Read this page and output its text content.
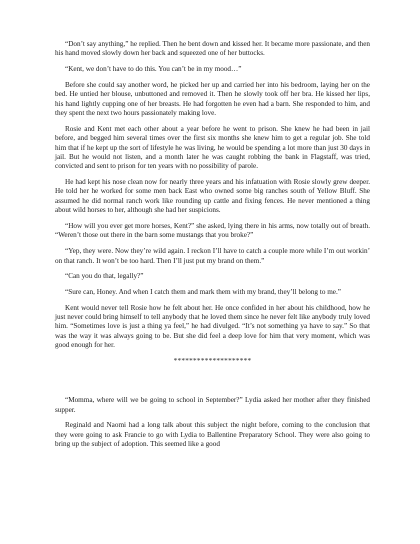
“Don’t say anything,” he replied. Then he bent down and kissed her. It became more passionate, and then his hand moved slowly down her back and squeezed one of her buttocks.

“Kent, we don’t have to do this. You can’t be in my mood…”

Before she could say another word, he picked her up and carried her into his bedroom, laying her on the bed. He untied her blouse, unbuttoned and removed it. Then he slowly took off her bra. He kissed her lips, his hand lightly cupping one of her breasts. He had forgotten he even had a barn. She responded to him, and they spent the next two hours passionately making love.

Rosie and Kent met each other about a year before he went to prison. She knew he had been in jail before, and begged him several times over the first six months she knew him to get a regular job. She told him that if he kept up the sort of lifestyle he was living, he would be spending a lot more than just 30 days in jail. But he would not listen, and a month later he was caught robbing the bank in Flagstaff, was tried, convicted and sent to prison for ten years with no possibility of parole.

He had kept his nose clean now for nearly three years and his infatuation with Rosie slowly grew deeper. He told her he worked for some men back East who owned some big ranches south of Yellow Bluff. She assumed he did normal ranch work like rounding up cattle and fixing fences. He never mentioned a thing about wild horses to her, although she had her suspicions.

“How will you ever get more horses, Kent?” she asked, lying there in his arms, now totally out of breath. “Weren’t those out there in the barn some mustangs that you broke?”

“Yep, they were. Now they’re wild again. I reckon I’ll have to catch a couple more while I’m out workin’ on that ranch. It won’t be too hard. Then I’ll just put my brand on them.”

“Can you do that, legally?”

“Sure can, Honey. And when I catch them and mark them with my brand, they’ll belong to me.”

Kent would never tell Rosie how he felt about her. He once confided in her about his childhood, how he just never could bring himself to tell anybody that he loved them since he never felt like anybody truly loved him. “Sometimes love is just a thing ya feel,” he had divulged. “It’s not something ya have to say.” So that was the way it was always going to be. But she did feel a deep love for him that very moment, which was good enough for her.

********************

“Momma, where will we be going to school in September?” Lydia asked her mother after they finished supper.

Reginald and Naomi had a long talk about this subject the night before, coming to the conclusion that they were going to ask Francie to go with Lydia to Ballentine Preparatory School. They were also going to bring up the subject of adoption. This seemed like a good
